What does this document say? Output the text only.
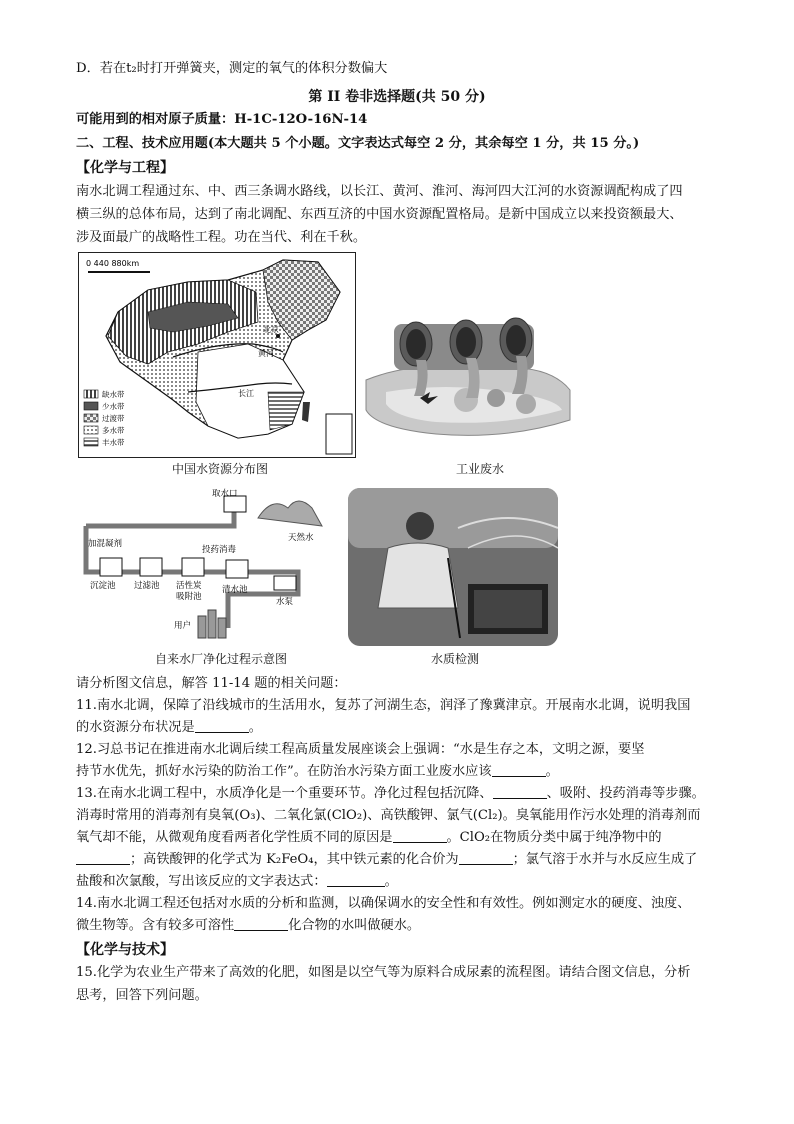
D．若在t₂时打开弹簧夹，测定的氧气的体积分数偏大
第 II 卷非选择题(共 50 分)
可能用到的相对原子质量：H-1C-12O-16N-14
二、工程、技术应用题(本大题共 5 个小题。文字表达式每空 2 分，其余每空 1 分，共 15 分。)
【化学与工程】
南水北调工程通过东、中、西三条调水路线，以长江、黄河、淮河、海河四大江河的水资源调配构成了四
横三纵的总体布局，达到了南北调配、东西互济的中国水资源配置格局。是新中国成立以来投资额最大、
涉及面最广的战略性工程。功在当代、利在千秋。
0 440 880km
北京
黄河
长江
缺水带
少水带
过渡带
多水带
丰水带
中国水资源分布图	工业废水
取水口
天然水
加混凝剂
投药消毒
沉淀池 过滤池 活性炭
吸附池
清水池
水泵
用户
自来水厂净化过程示意图	水质检测
请分析图文信息，解答 11-14 题的相关问题：
11.南水北调，保障了沿线城市的生活用水，复苏了河湖生态，润泽了豫冀津京。开展南水北调，说明我国
的水资源分布状况是	。
12.习总书记在推进南水北调后续工程高质量发展座谈会上强调：“水是生存之本，文明之源，要坚
持节水优先，抓好水污染的防治工作”。在防治水污染方面工业废水应该	。
13.在南水北调工程中，水质净化是一个重要环节。净化过程包括沉降、	、吸附、投药消毒等步骤。
消毒时常用的消毒剂有臭氧(O₃)、二氧化氯(ClO₂)、高铁酸钾、氯气(Cl₂)。臭氧能用作污水处理的消毒剂而
氧气却不能，从微观角度看两者化学性质不同的原因是	。ClO₂在物质分类中属于纯净物中的
；高铁酸钾的化学式为 K₂FeO₄，其中铁元素的化合价为	；氯气溶于水并与水反应生成了
盐酸和次氯酸，写出该反应的文字表达式：	。
14.南水北调工程还包括对水质的分析和监测，以确保调水的安全性和有效性。例如测定水的硬度、浊度、
微生物等。含有较多可溶性	化合物的水叫做硬水。
【化学与技术】
15.化学为农业生产带来了高效的化肥，如图是以空气等为原料合成尿素的流程图。请结合图文信息，分析
思考，回答下列问题。
